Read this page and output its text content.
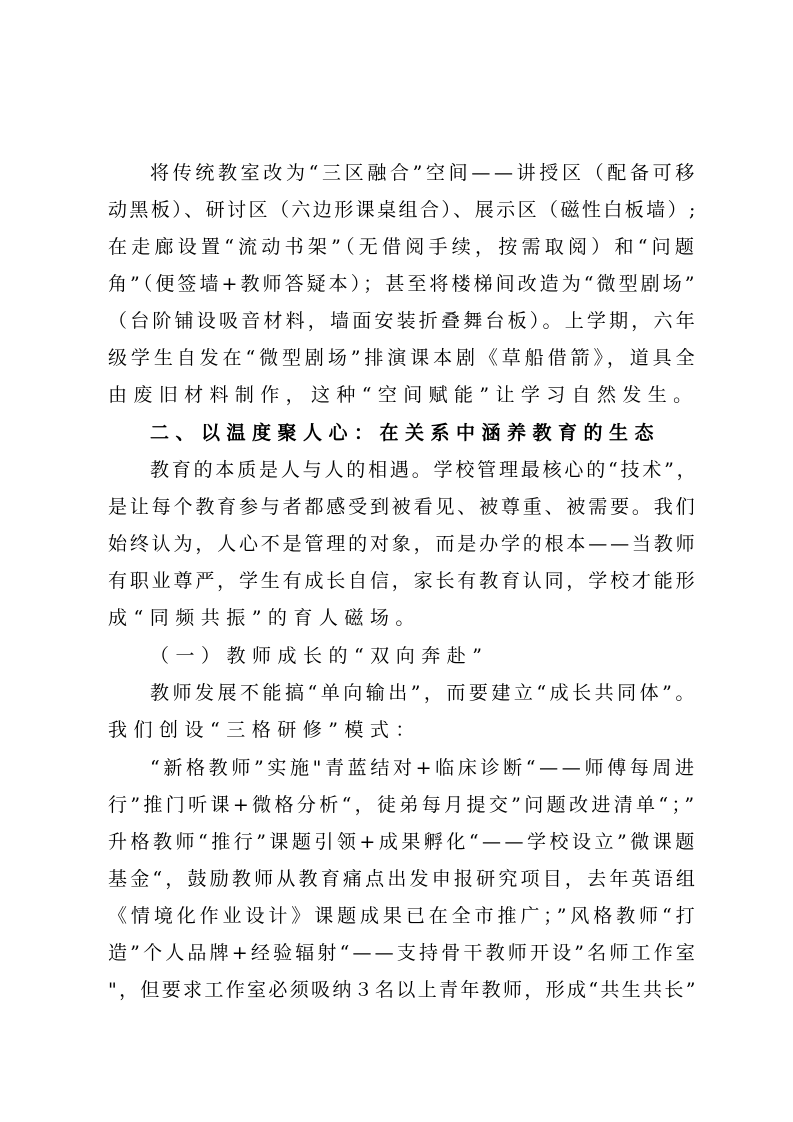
将传统教室改为“三区融合”空间——讲授区（配备可移
动黑板）、研讨区（六边形课桌组合）、展示区（磁性白板墙）;
在走廊设置“流动书架”（无借阅手续，按需取阅）和“问题
角”（便签墙+教师答疑本）；甚至将楼梯间改造为“微型剧场”
（台阶铺设吸音材料，墙面安装折叠舞台板）。上学期，六年
级学生自发在“微型剧场”排演课本剧《草船借箭》，道具全
由废旧材料制作，这种“空间赋能”让学习自然发生。
二、以温度聚人心：在关系中涵养教育的生态
教育的本质是人与人的相遇。学校管理最核心的“技术”，
是让每个教育参与者都感受到被看见、被尊重、被需要。我们
始终认为，人心不是管理的对象，而是办学的根本——当教师
有职业尊严，学生有成长自信，家长有教育认同，学校才能形
成“同频共振”的育人磁场。
（一）教师成长的“双向奔赴”
教师发展不能搞“单向输出”，而要建立“成长共同体”。
我们创设“三格研修”模式：
“新格教师”实施"青蓝结对+临床诊断“——师傅每周进
行”推门听课+微格分析“，徒弟每月提交”问题改进清单“；”
升格教师“推行”课题引领+成果孵化“——学校设立”微课题
基金“，鼓励教师从教育痛点出发申报研究项目，去年英语组
《情境化作业设计》课题成果已在全市推广；”风格教师“打
造”个人品牌+经验辐射“——支持骨干教师开设”名师工作室
"，但要求工作室必须吸纳３名以上青年教师，形成“共生共长”
